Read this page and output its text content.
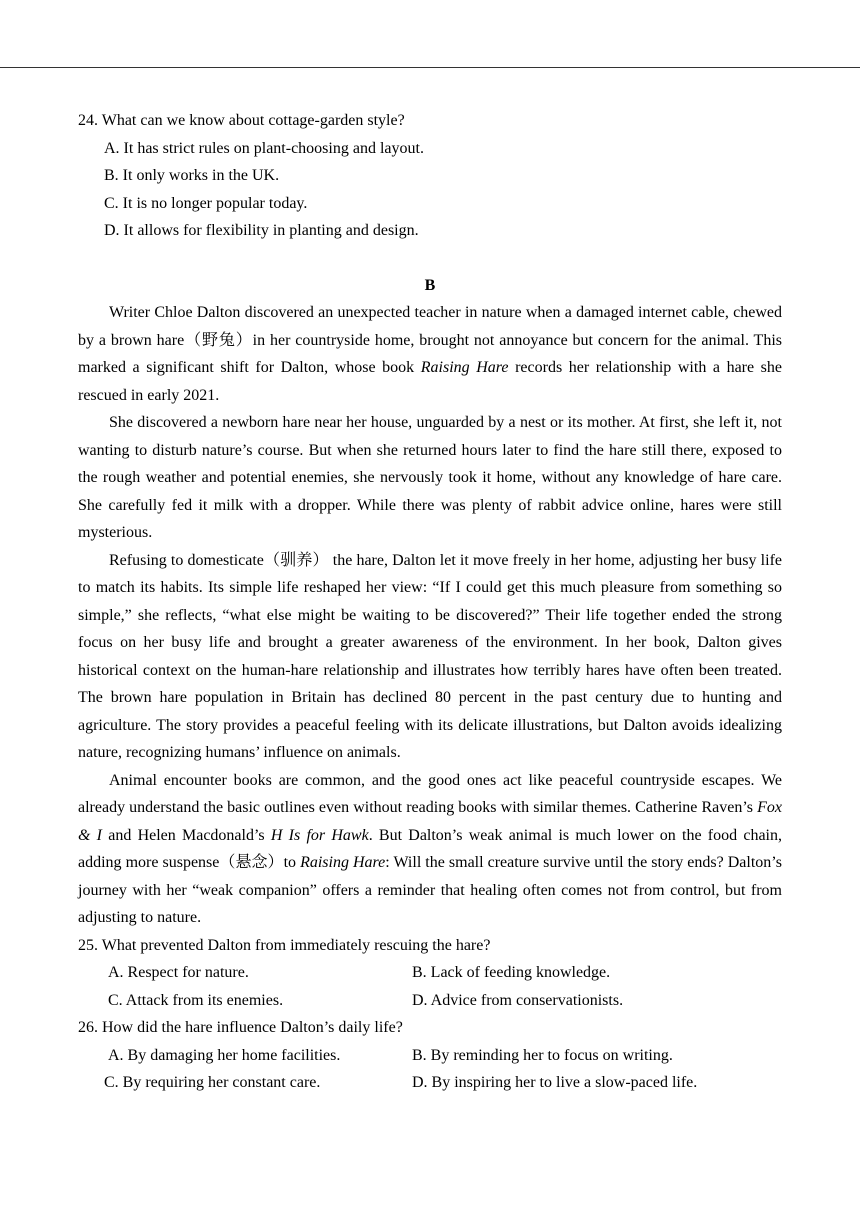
24. What can we know about cottage-garden style?

A. It has strict rules on plant-choosing and layout.

B. It only works in the UK.

C. It is no longer popular today.

D. It allows for flexibility in planting and design.

B

Writer Chloe Dalton discovered an unexpected teacher in nature when a damaged internet cable, chewed by a brown hare（野兔）in her countryside home, brought not annoyance but concern for the animal. This marked a significant shift for Dalton, whose book Raising Hare records her relationship with a hare she rescued in early 2021.

She discovered a newborn hare near her house, unguarded by a nest or its mother. At first, she left it, not wanting to disturb nature’s course. But when she returned hours later to find the hare still there, exposed to the rough weather and potential enemies, she nervously took it home, without any knowledge of hare care. She carefully fed it milk with a dropper. While there was plenty of rabbit advice online, hares were still mysterious.

Refusing to domesticate（驯养） the hare, Dalton let it move freely in her home, adjusting her busy life to match its habits. Its simple life reshaped her view: “If I could get this much pleasure from something so simple,” she reflects, “what else might be waiting to be discovered?” Their life together ended the strong focus on her busy life and brought a greater awareness of the environment. In her book, Dalton gives historical context on the human-hare relationship and illustrates how terribly hares have often been treated. The brown hare population in Britain has declined 80 percent in the past century due to hunting and agriculture. The story provides a peaceful feeling with its delicate illustrations, but Dalton avoids idealizing nature, recognizing humans’ influence on animals.

Animal encounter books are common, and the good ones act like peaceful countryside escapes. We already understand the basic outlines even without reading books with similar themes. Catherine Raven’s Fox & I and Helen Macdonald’s H Is for Hawk. But Dalton’s weak animal is much lower on the food chain, adding more suspense（悬念）to Raising Hare: Will the small creature survive until the story ends? Dalton’s journey with her “weak companion” offers a reminder that healing often comes not from control, but from adjusting to nature.

25. What prevented Dalton from immediately rescuing the hare?

A. Respect for nature.	B. Lack of feeding knowledge.
C. Attack from its enemies.	D. Advice from conservationists.

26. How did the hare influence Dalton’s daily life?

A. By damaging her home facilities.	B. By reminding her to focus on writing.
C. By requiring her constant care.	D. By inspiring her to live a slow-paced life.
